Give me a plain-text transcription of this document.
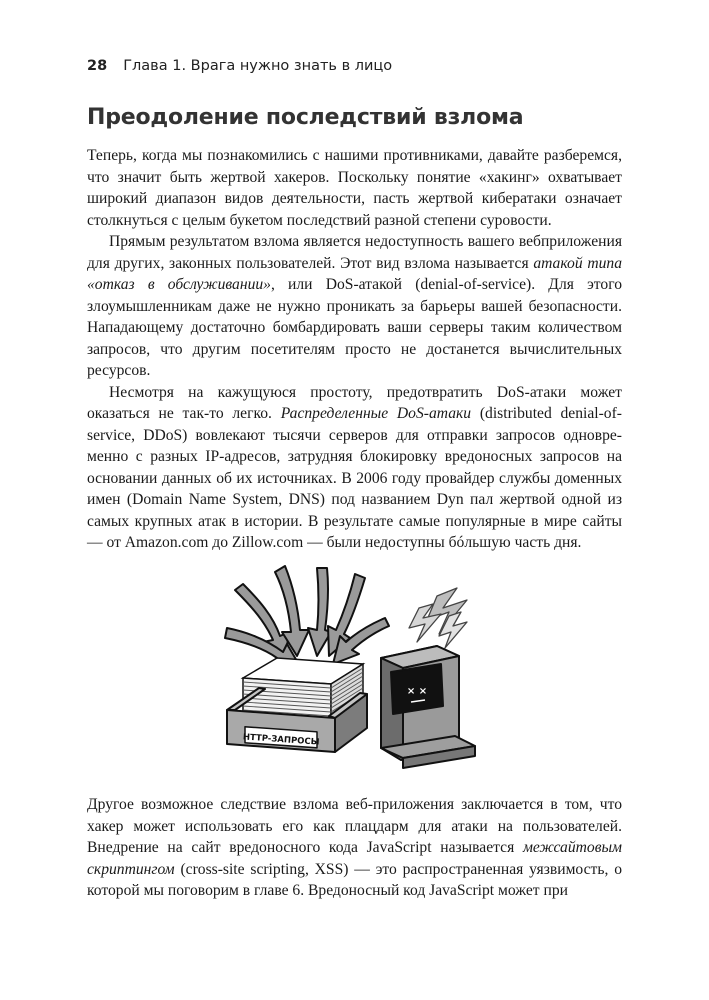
28 Глава 1. Врага нужно знать в лицо
Преодоление последствий взлома

Теперь, когда мы познакомились с нашими противниками, давайте разберемся, что значит быть жертвой хакеров. Поскольку понятие «хакинг» охватывает широкий диапазон видов деятельности, пасть жертвой кибератаки означает столкнуться с целым букетом последствий разной степени суровости.

Прямым результатом взлома является недоступность вашего вебприложения для других, законных пользователей. Этот вид взлома называется атакой типа «отказ в обслуживании», или DoS-атакой (denial-of-service). Для этого злоумышленникам даже не нужно проникать за барьеры вашей безопасности. Нападающему достаточно бомбардировать ваши серверы таким количеством запросов, что другим посетителям просто не достанется вычислительных ресурсов.

Несмотря на кажущуюся простоту, предотвратить DoS-атаки может оказаться не так-то легко. Распределенные DoS-атаки (distributed denial-of-service, DDoS) вовлекают тысячи серверов для отправки запросов одновременно с разных IP-адресов, затрудняя блокировку вредоносных запросов на основании данных об их источниках. В 2006 году провайдер службы доменных имен (Domain Name System, DNS) под названием Dyn пал жертвой одной из самых крупных атак в истории. В результате самые популярные в мире сайты — от Amazon.com до Zillow.com — были недоступны бóльшую часть дня.

HTTP-ЗАПРОСЫ
× ×

Другое возможное следствие взлома веб-приложения заключается в том, что хакер может использовать его как плацдарм для атаки на пользователей. Внедрение на сайт вредоносного кода JavaScript называется межсайтовым скриптингом (cross-site scripting, XSS) — это распространенная уязвимость, о которой мы поговорим в главе 6. Вредоносный код JavaScript может при
